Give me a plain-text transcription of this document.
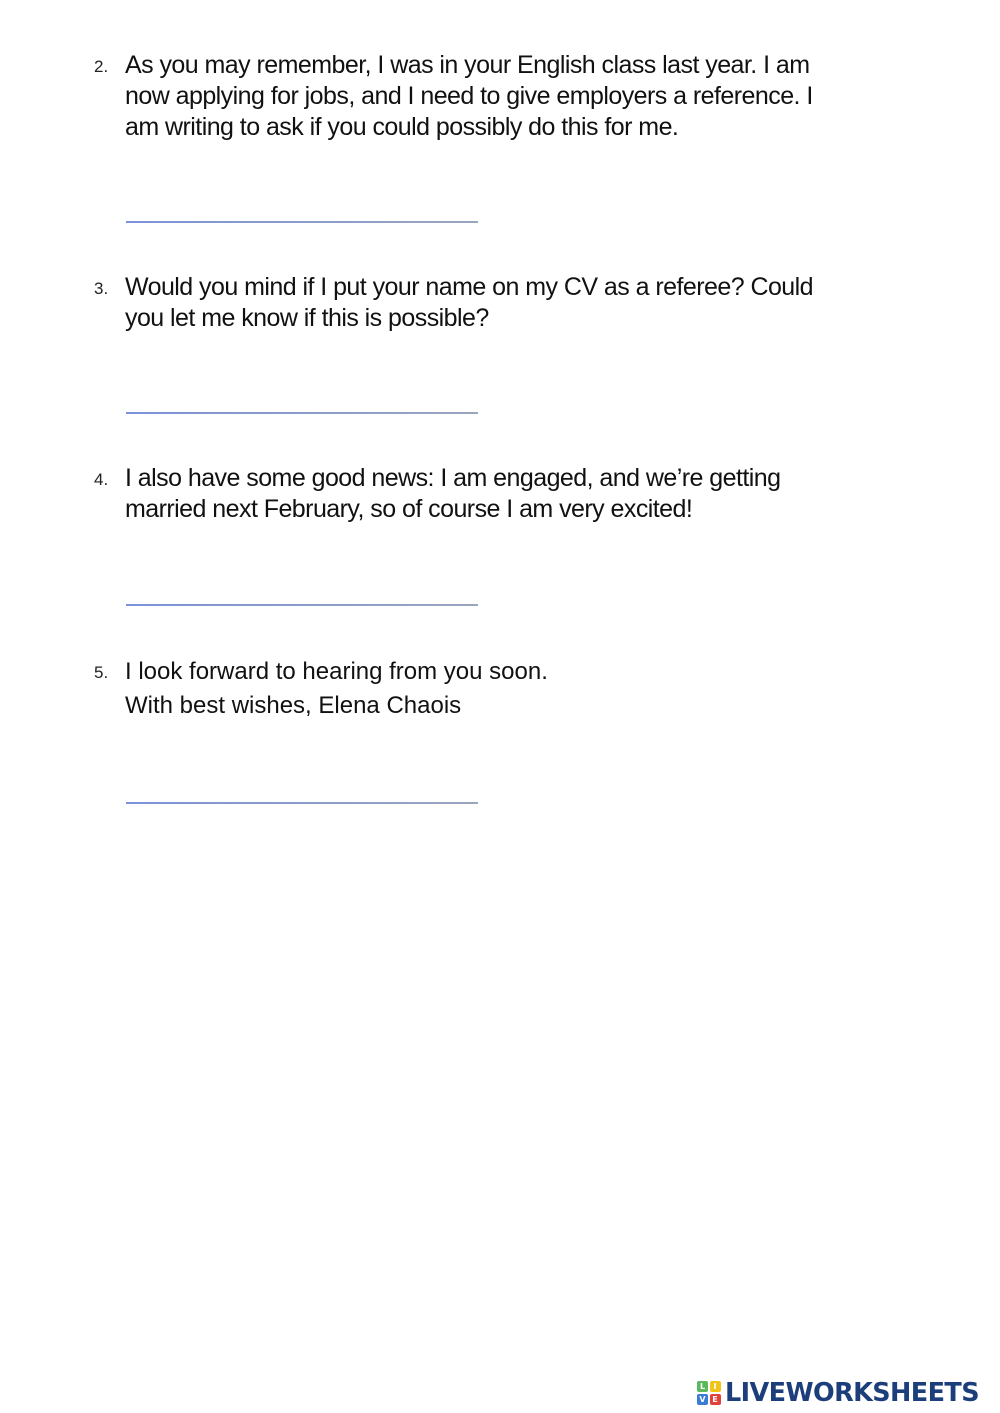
2. As you may remember, I was in your English class last year. I am
now applying for jobs, and I need to give employers a reference. I
am writing to ask if you could possibly do this for me.
3. Would you mind if I put your name on my CV as a referee? Could
you let me know if this is possible?
4. I also have some good news: I am engaged, and we’re getting
married next February, so of course I am very excited!
5. I look forward to hearing from you soon.
With best wishes, Elena Chaois
L	I
V E LIVEWORKSHEETS
